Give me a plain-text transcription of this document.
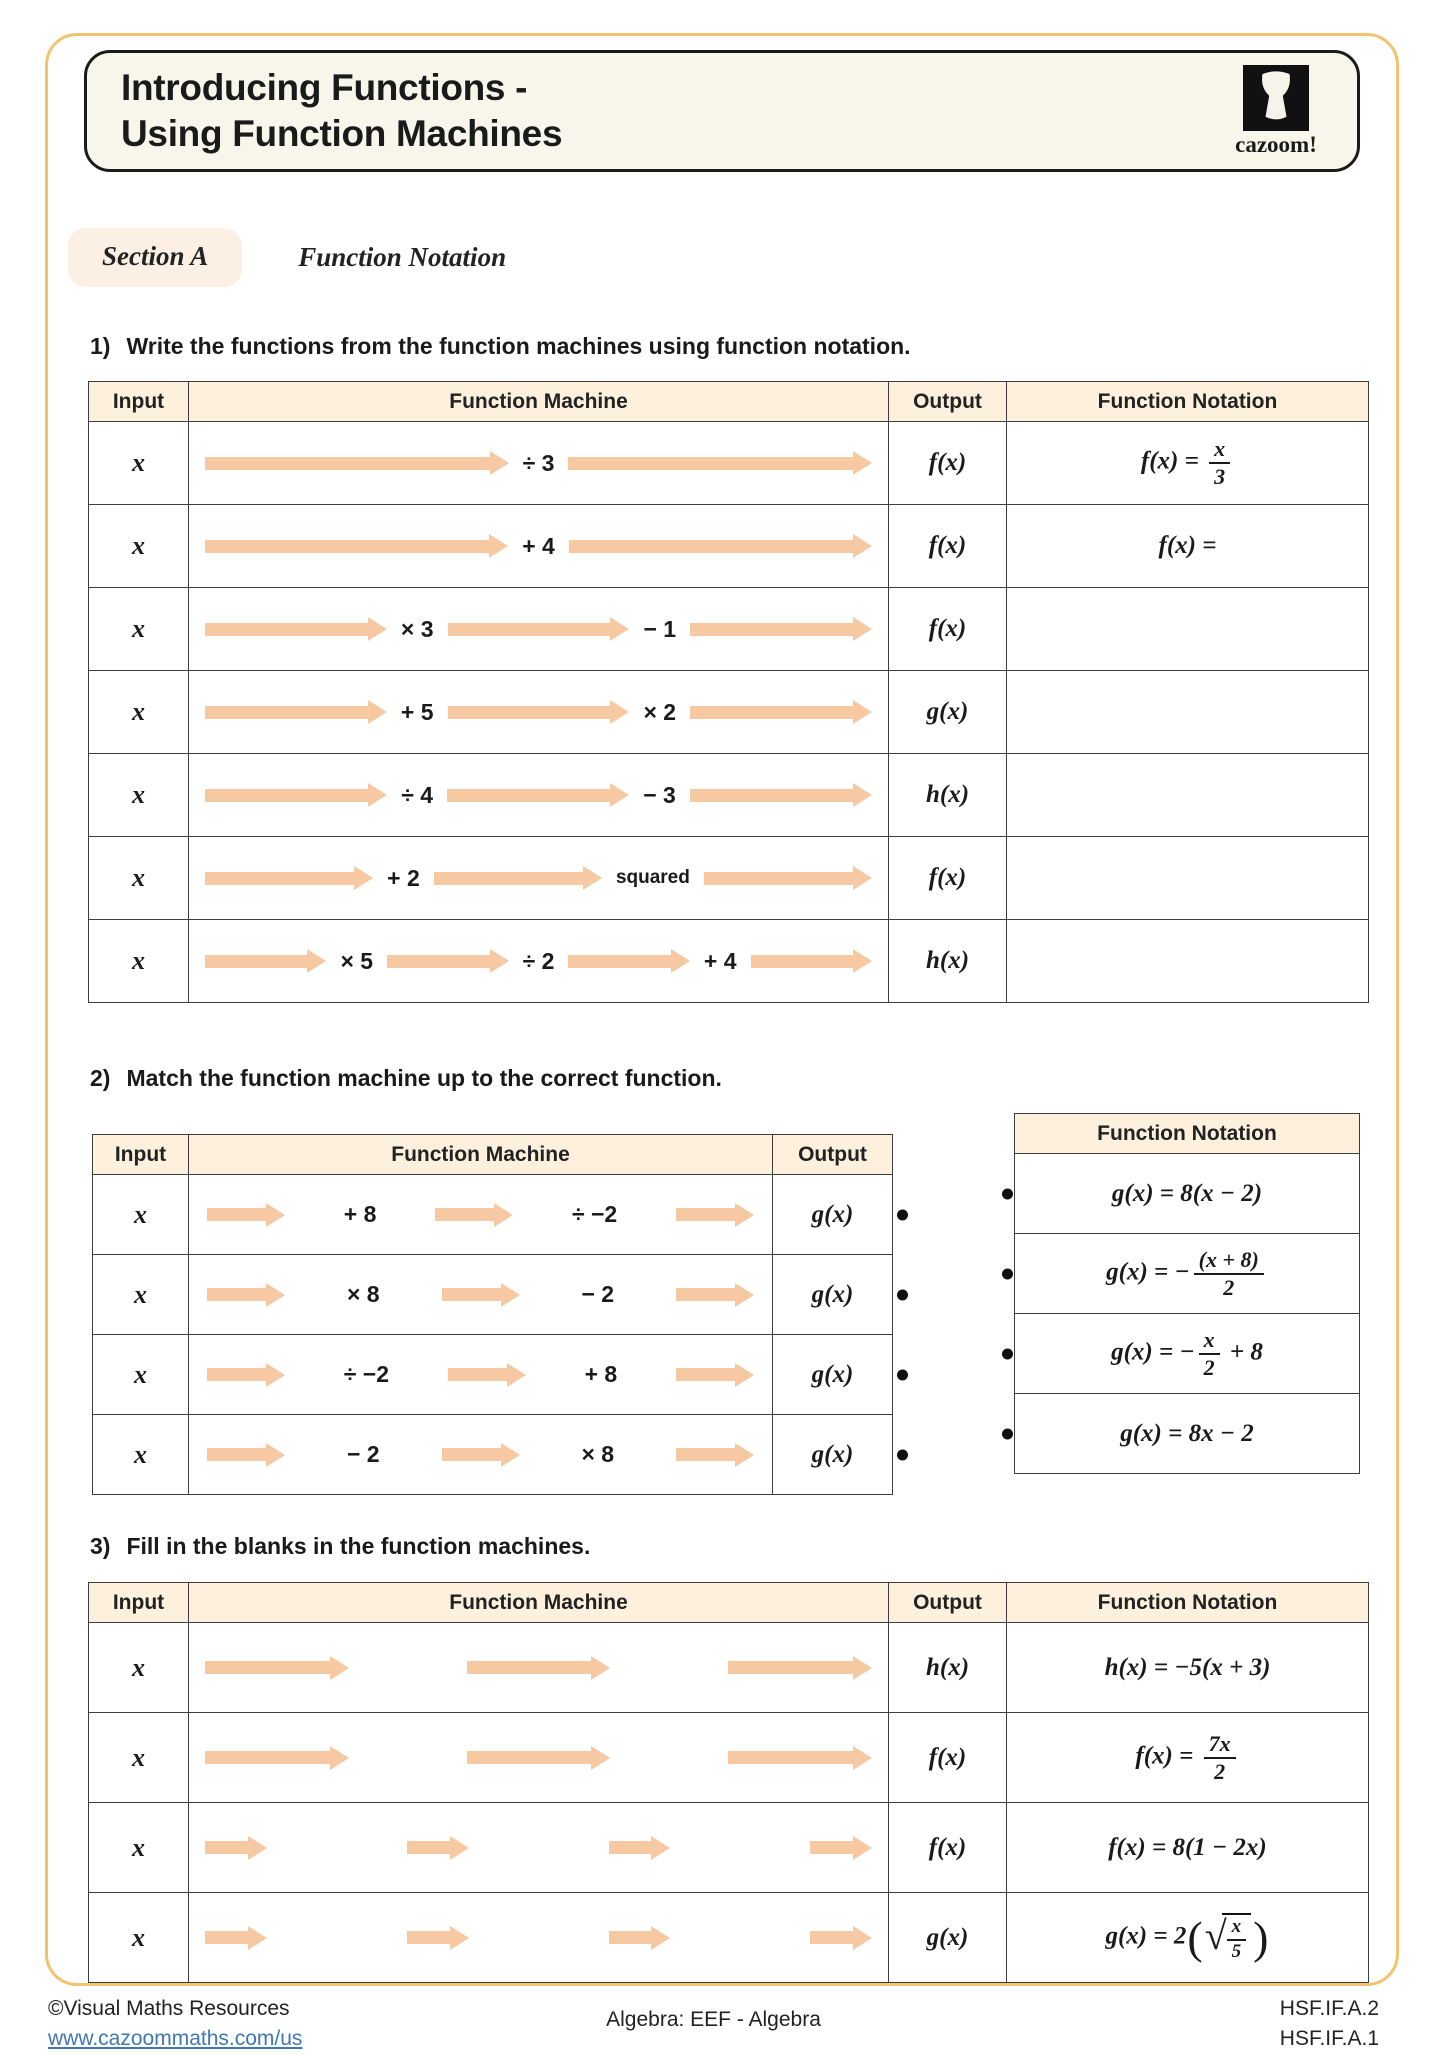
Introducing Functions -
Using Function Machines	cazoom!
Section A	Function Notation
1) Write the functions from the function machines using function notation.
Input	Function Machine	Output	Function Notation
x	÷ 3	f(x)	$f(x) = \frac{x}{3}$

x	+ 4	f(x)	f(x) =
x	× 3 − 1	f(x)	
x	+ 5 × 2	g(x)	
x	÷ 4 − 3	h(x)	
x	+ 2 squared	f(x)	
x	× 5 ÷ 2 + 4	h(x)	
2) Match the function machine up to the correct function.
Input	Function Machine	Output
x	+ 8 ÷ −2	g(x)

x	× 8 − 2	g(x)

x	÷ −2 + 8	g(x)

x	− 2 × 8	g(x)
Function Notation

g(x) = 8(x − 2)

g(x) = − $\frac{(x + 8)}{2}$

g(x) = − $\frac{x}{2} + 8$

g(x) = 8x − 2
3) Fill in the blanks in the function machines.
Input	Function Machine	Output	Function Notation
x		h(x)	h(x) = −5(x + 3)
x		f(x)	$f(x) = \frac{7x}{2}$

x		f(x)	f(x) = 8(1 − 2x)
x		g(x)	g(x) = 2( √ $\frac{x}{5}$ )
©Visual Maths Resources
www.cazoommaths.com/us
HSF.IF.A.2
HSF.IF.A.1
Algebra: EEF - Algebra
